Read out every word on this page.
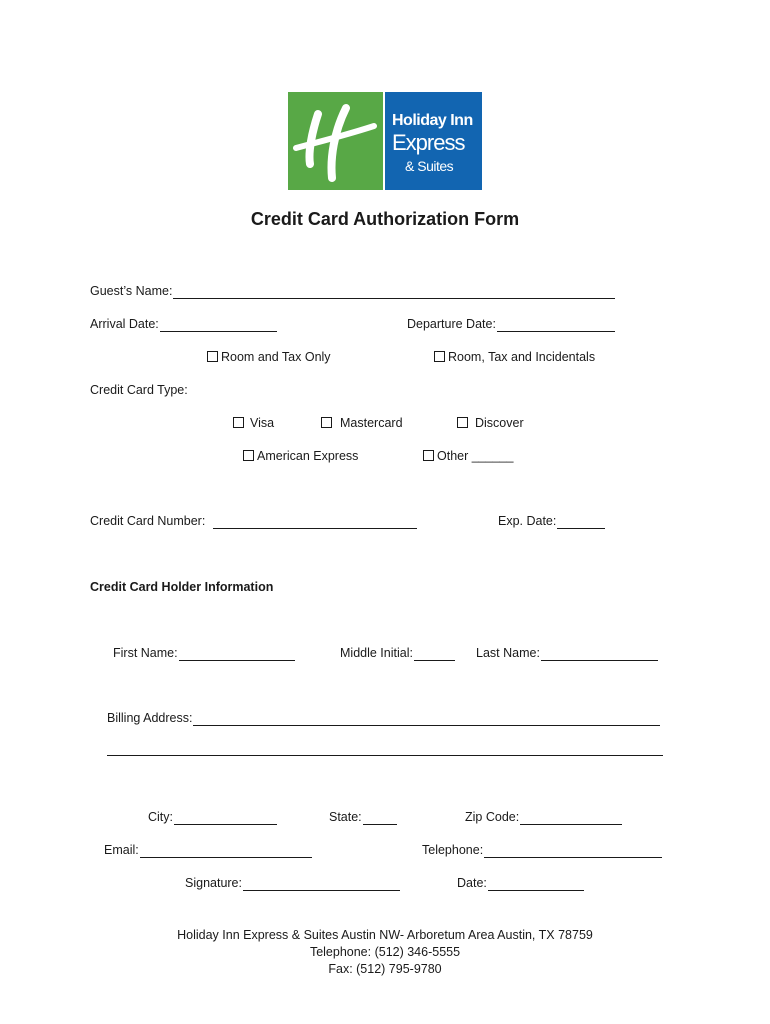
Holiday Inn
Express
& Suites
Credit Card Authorization Form
Guest’s Name:
Arrival Date:	Departure Date:
Room and Tax Only	Room, Tax and Incidentals
Credit Card Type:
Visa	Mastercard	Discover
American Express	Other ______
Credit Card Number:	Exp. Date:
Credit Card Holder Information
First Name:	Middle Initial:	Last Name:
Billing Address:
City:	State:	Zip Code:
Email:	Telephone:
Signature:	Date:
Holiday Inn Express & Suites Austin NW- Arboretum Area Austin, TX 78759
Telephone: (512) 346-5555
Fax: (512) 795-9780
